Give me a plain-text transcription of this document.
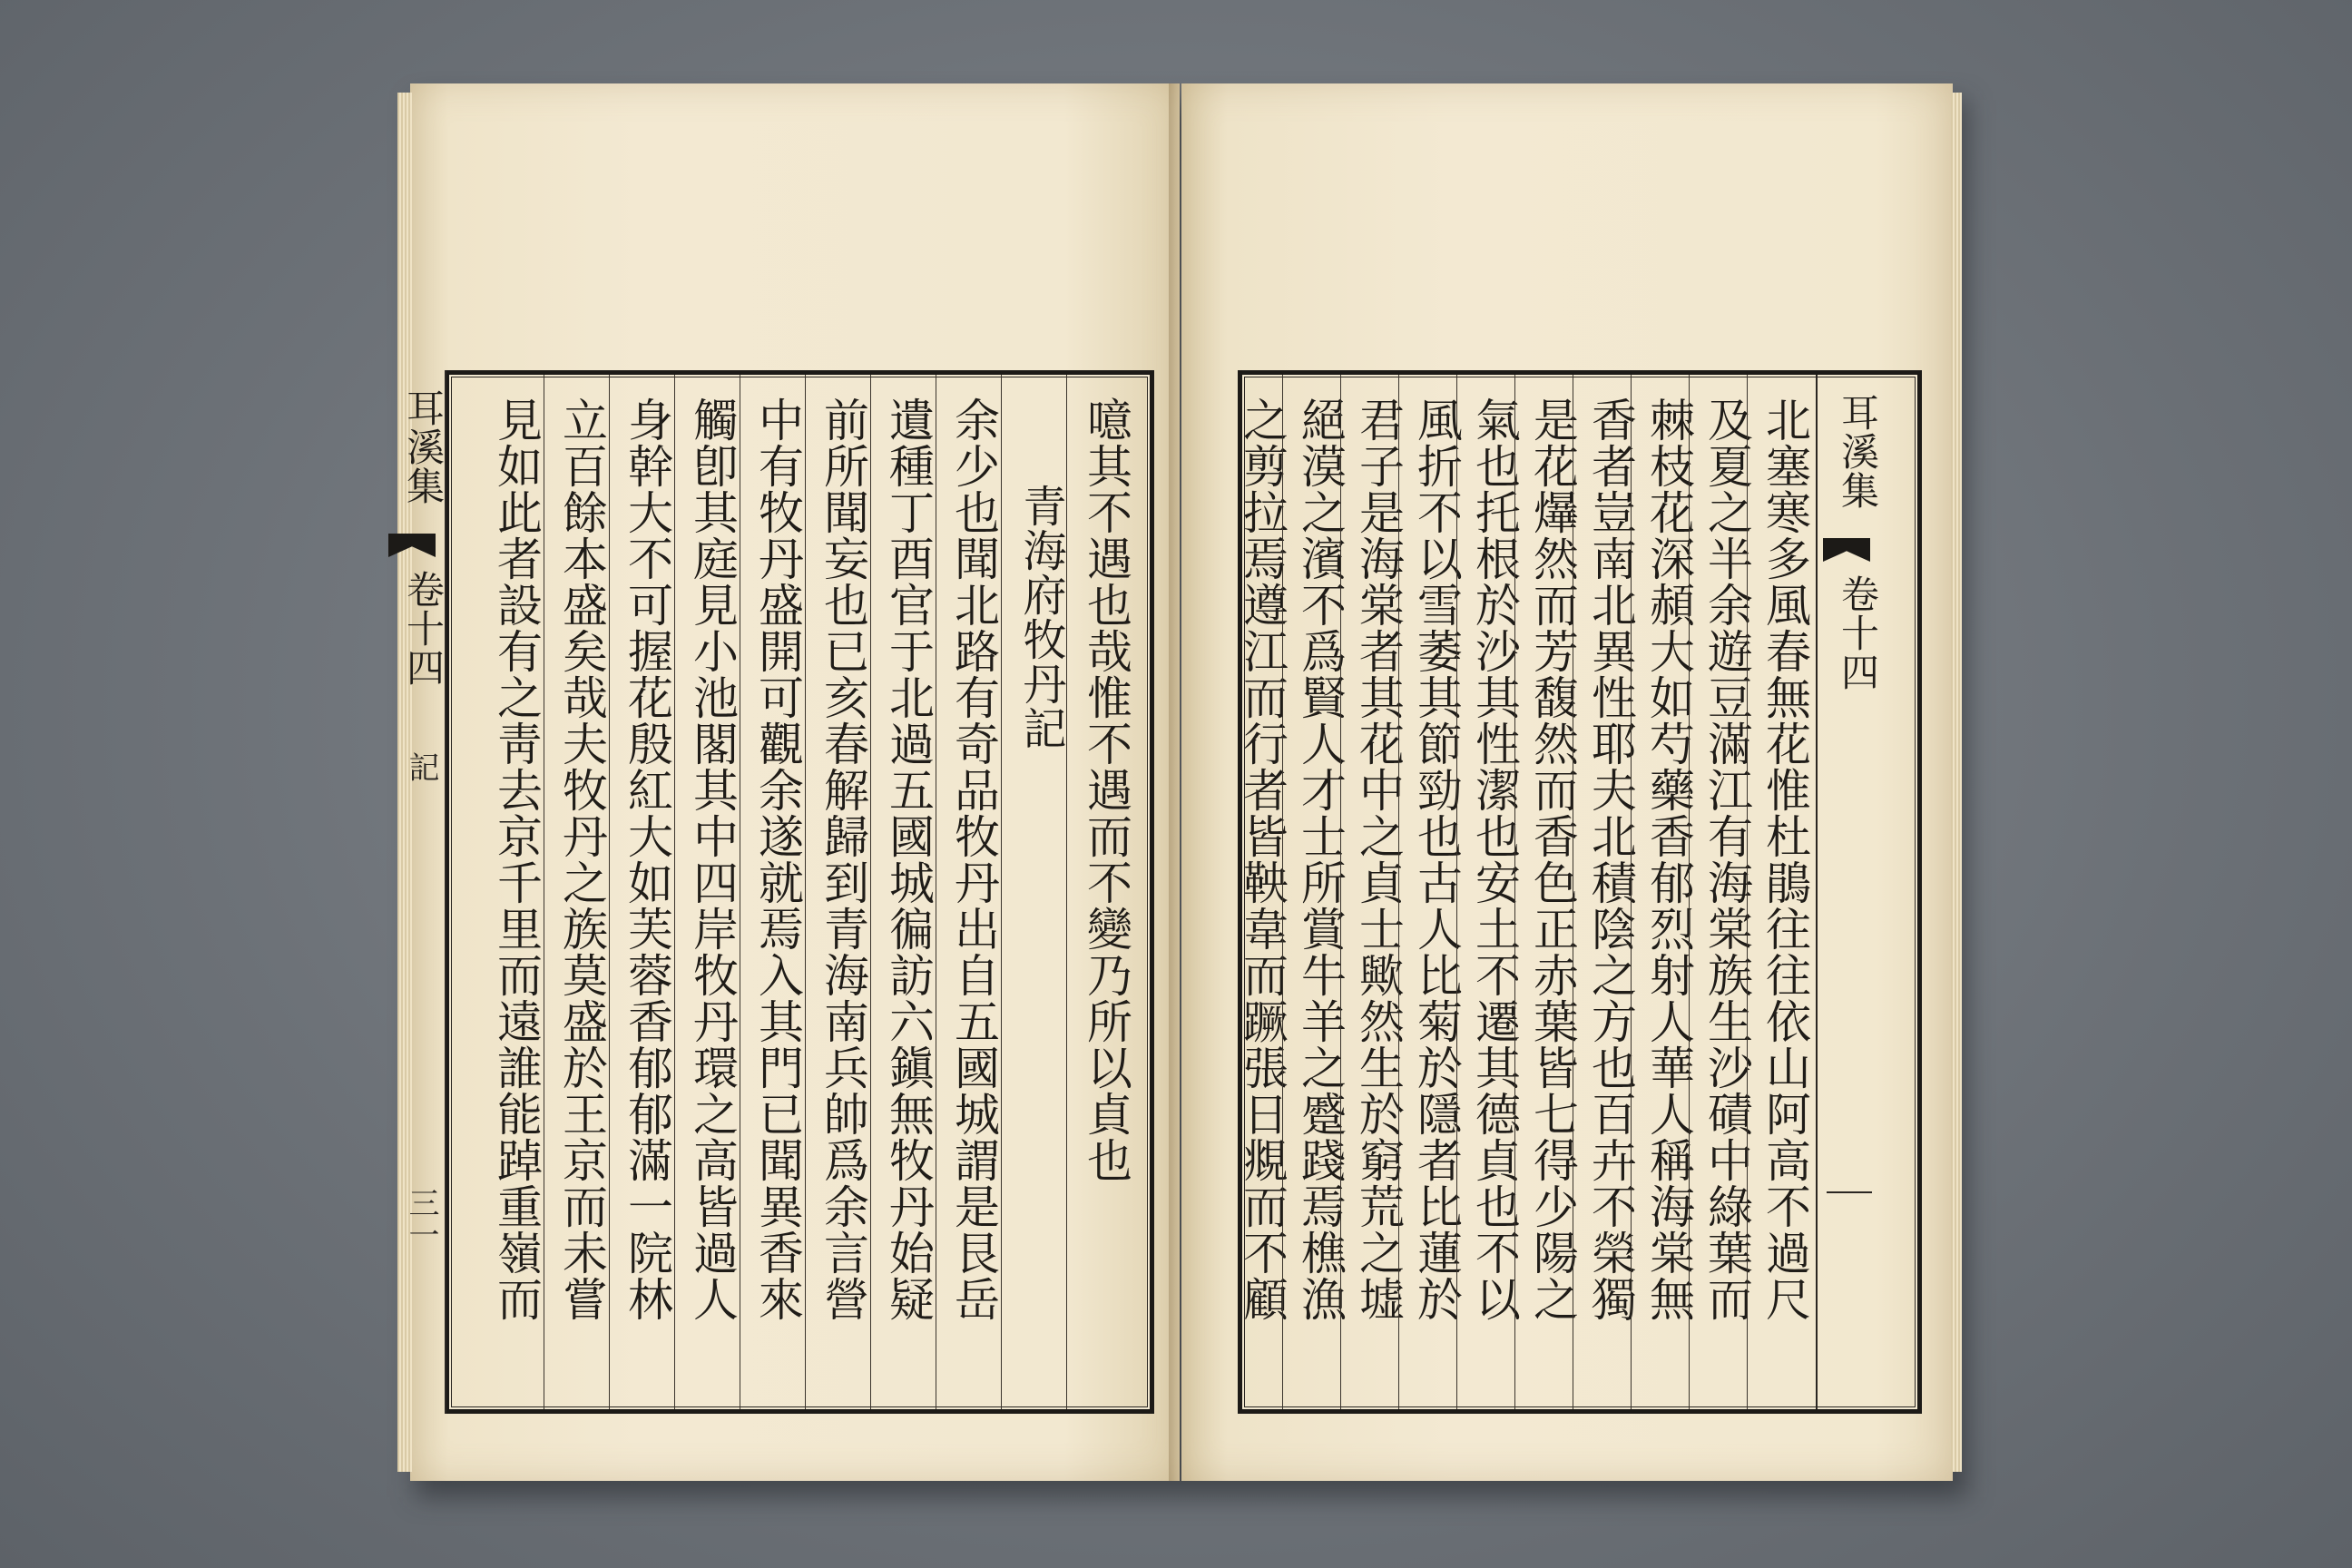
噫其不遇也哉惟不遇而不變乃所以貞也
青海府牧丹記
余少也聞北路有奇品牧丹出自五國城謂是艮岳
遺種丁酉官于北過五國城徧訪六鎭無牧丹始疑
前所聞妄也已亥春解歸到青海南兵帥爲余言營
中有牧丹盛開可觀余遂就焉入其門已聞異香來
觸卽其庭見小池閣其中四岸牧丹環之高皆過人
身幹大不可握花殷紅大如芙蓉香郁郁滿一院林
立百餘本盛矣哉夫牧丹之族莫盛於王京而未嘗
見如此者設有之靑去京千里而遠誰能踔重嶺而
耳溪集
卷十四
記
三一	北塞寒多風春無花惟杜鵑往往依山阿高不過尺
及夏之半余遊豆滿江有海棠族生沙磧中綠葉而
棘枝花深頳大如芍藥香郁烈射人華人稱海棠無
香者豈南北異性耶夫北積陰之方也百卉不榮獨
是花爗然而芳馥然而香色正赤葉皆七得少陽之
氣也托根於沙其性潔也安土不遷其德貞也不以
風折不以雪萎其節勁也古人比菊於隱者比蓮於
君子是海棠者其花中之貞士歟然生於窮荒之墟
絕漠之濱不爲賢人才士所賞牛羊之蹙踐焉樵漁
之剪拉焉遵江而行者皆鞅韋而蹶張日覜而不顧	耳溪集
卷十四
